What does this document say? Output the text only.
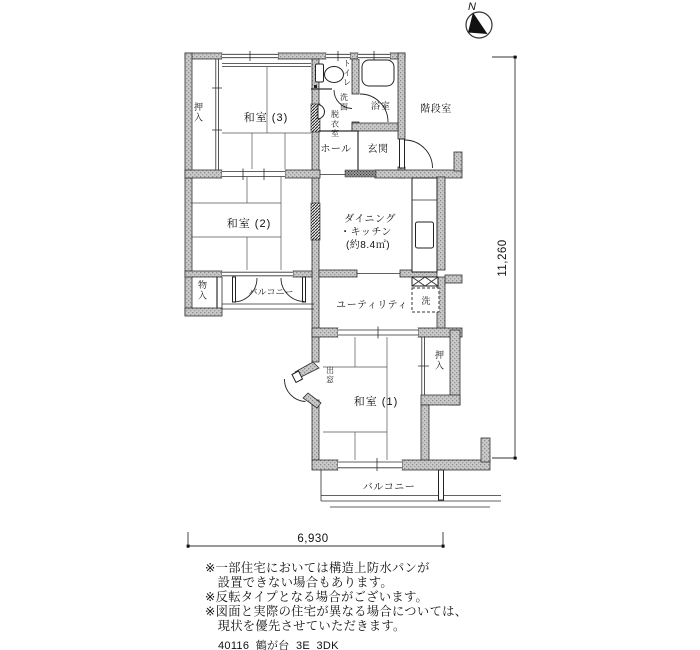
N
11,260
6,930
和室 (3)
押入
トイレ
洗面
脱衣室
浴室	階段室
ホール 玄関
和室 (2)	ダイニング
・キッチン
(約8.4㎡)
物入	バルコニー
ユーティリティ 洗
出窓
和室 (1)
押入
バルコニー
※一部住宅においては構造上防水パンが
　設置できない場合もあります。
※反転タイプとなる場合がございます。
※図面と実際の住宅が異なる場合については、
　現状を優先させていただきます。
40116_鶴が台_3E_3DK
